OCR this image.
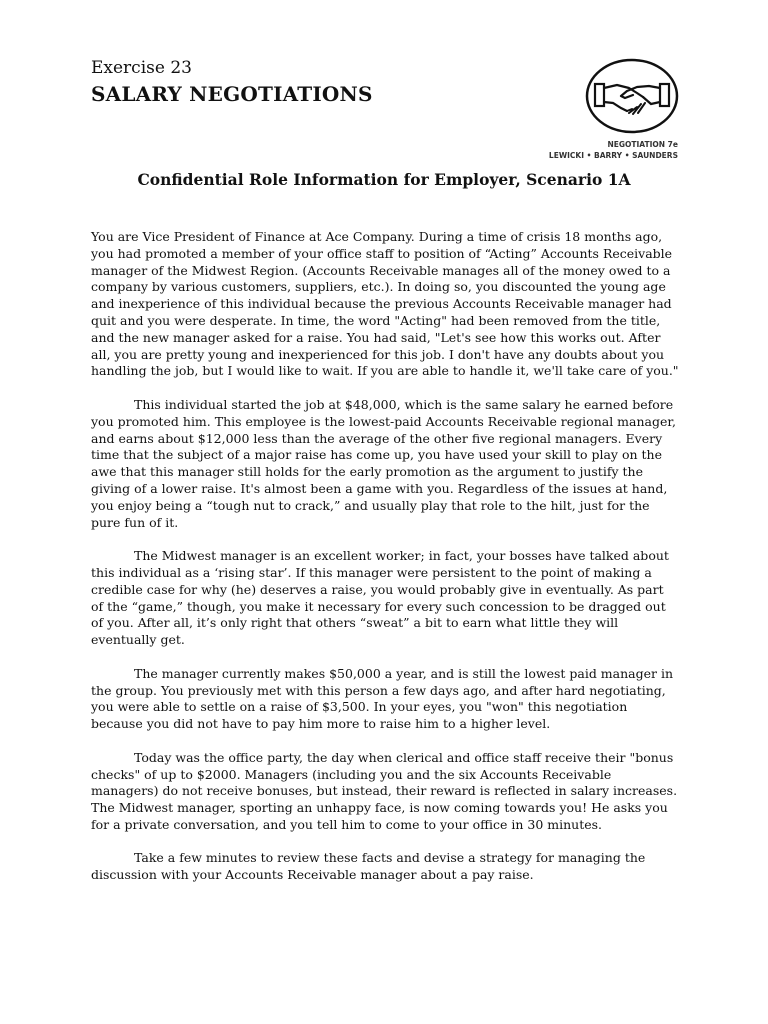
Exercise 23
SALARY NEGOTIATIONS
NEGOTIATION 7e
LEWICKI • BARRY • SAUNDERS
Confidential Role Information for Employer, Scenario 1A

You are Vice President of Finance at Ace Company. During a time of crisis 18 months ago, you had promoted a member of your office staff to position of “Acting” Accounts Receivable manager of the Midwest Region. (Accounts Receivable manages all of the money owed to a company by various customers, suppliers, etc.). In doing so, you discounted the young age and inexperience of this individual because the previous Accounts Receivable manager had quit and you were desperate. In time, the word "Acting" had been removed from the title, and the new manager asked for a raise. You had said, "Let's see how this works out. After all, you are pretty young and inexperienced for this job. I don't have any doubts about you handling the job, but I would like to wait. If you are able to handle it, we'll take care of you."

This individual started the job at $48,000, which is the same salary he earned before you promoted him. This employee is the lowest-paid Accounts Receivable regional manager, and earns about $12,000 less than the average of the other five regional managers. Every time that the subject of a major raise has come up, you have used your skill to play on the awe that this manager still holds for the early promotion as the argument to justify the giving of a lower raise. It's almost been a game with you. Regardless of the issues at hand, you enjoy being a “tough nut to crack,” and usually play that role to the hilt, just for the pure fun of it.

The Midwest manager is an excellent worker; in fact, your bosses have talked about this individual as a ‘rising star’. If this manager were persistent to the point of making a credible case for why (he) deserves a raise, you would probably give in eventually. As part of the “game,” though, you make it necessary for every such concession to be dragged out of you. After all, it’s only right that others “sweat” a bit to earn what little they will eventually get.

The manager currently makes $50,000 a year, and is still the lowest paid manager in the group. You previously met with this person a few days ago, and after hard negotiating, you were able to settle on a raise of $3,500. In your eyes, you "won" this negotiation because you did not have to pay him more to raise him to a higher level.

Today was the office party, the day when clerical and office staff receive their "bonus checks" of up to $2000. Managers (including you and the six Accounts Receivable managers) do not receive bonuses, but instead, their reward is reflected in salary increases. The Midwest manager, sporting an unhappy face, is now coming towards you! He asks you for a private conversation, and you tell him to come to your office in 30 minutes.

Take a few minutes to review these facts and devise a strategy for managing the discussion with your Accounts Receivable manager about a pay raise.
